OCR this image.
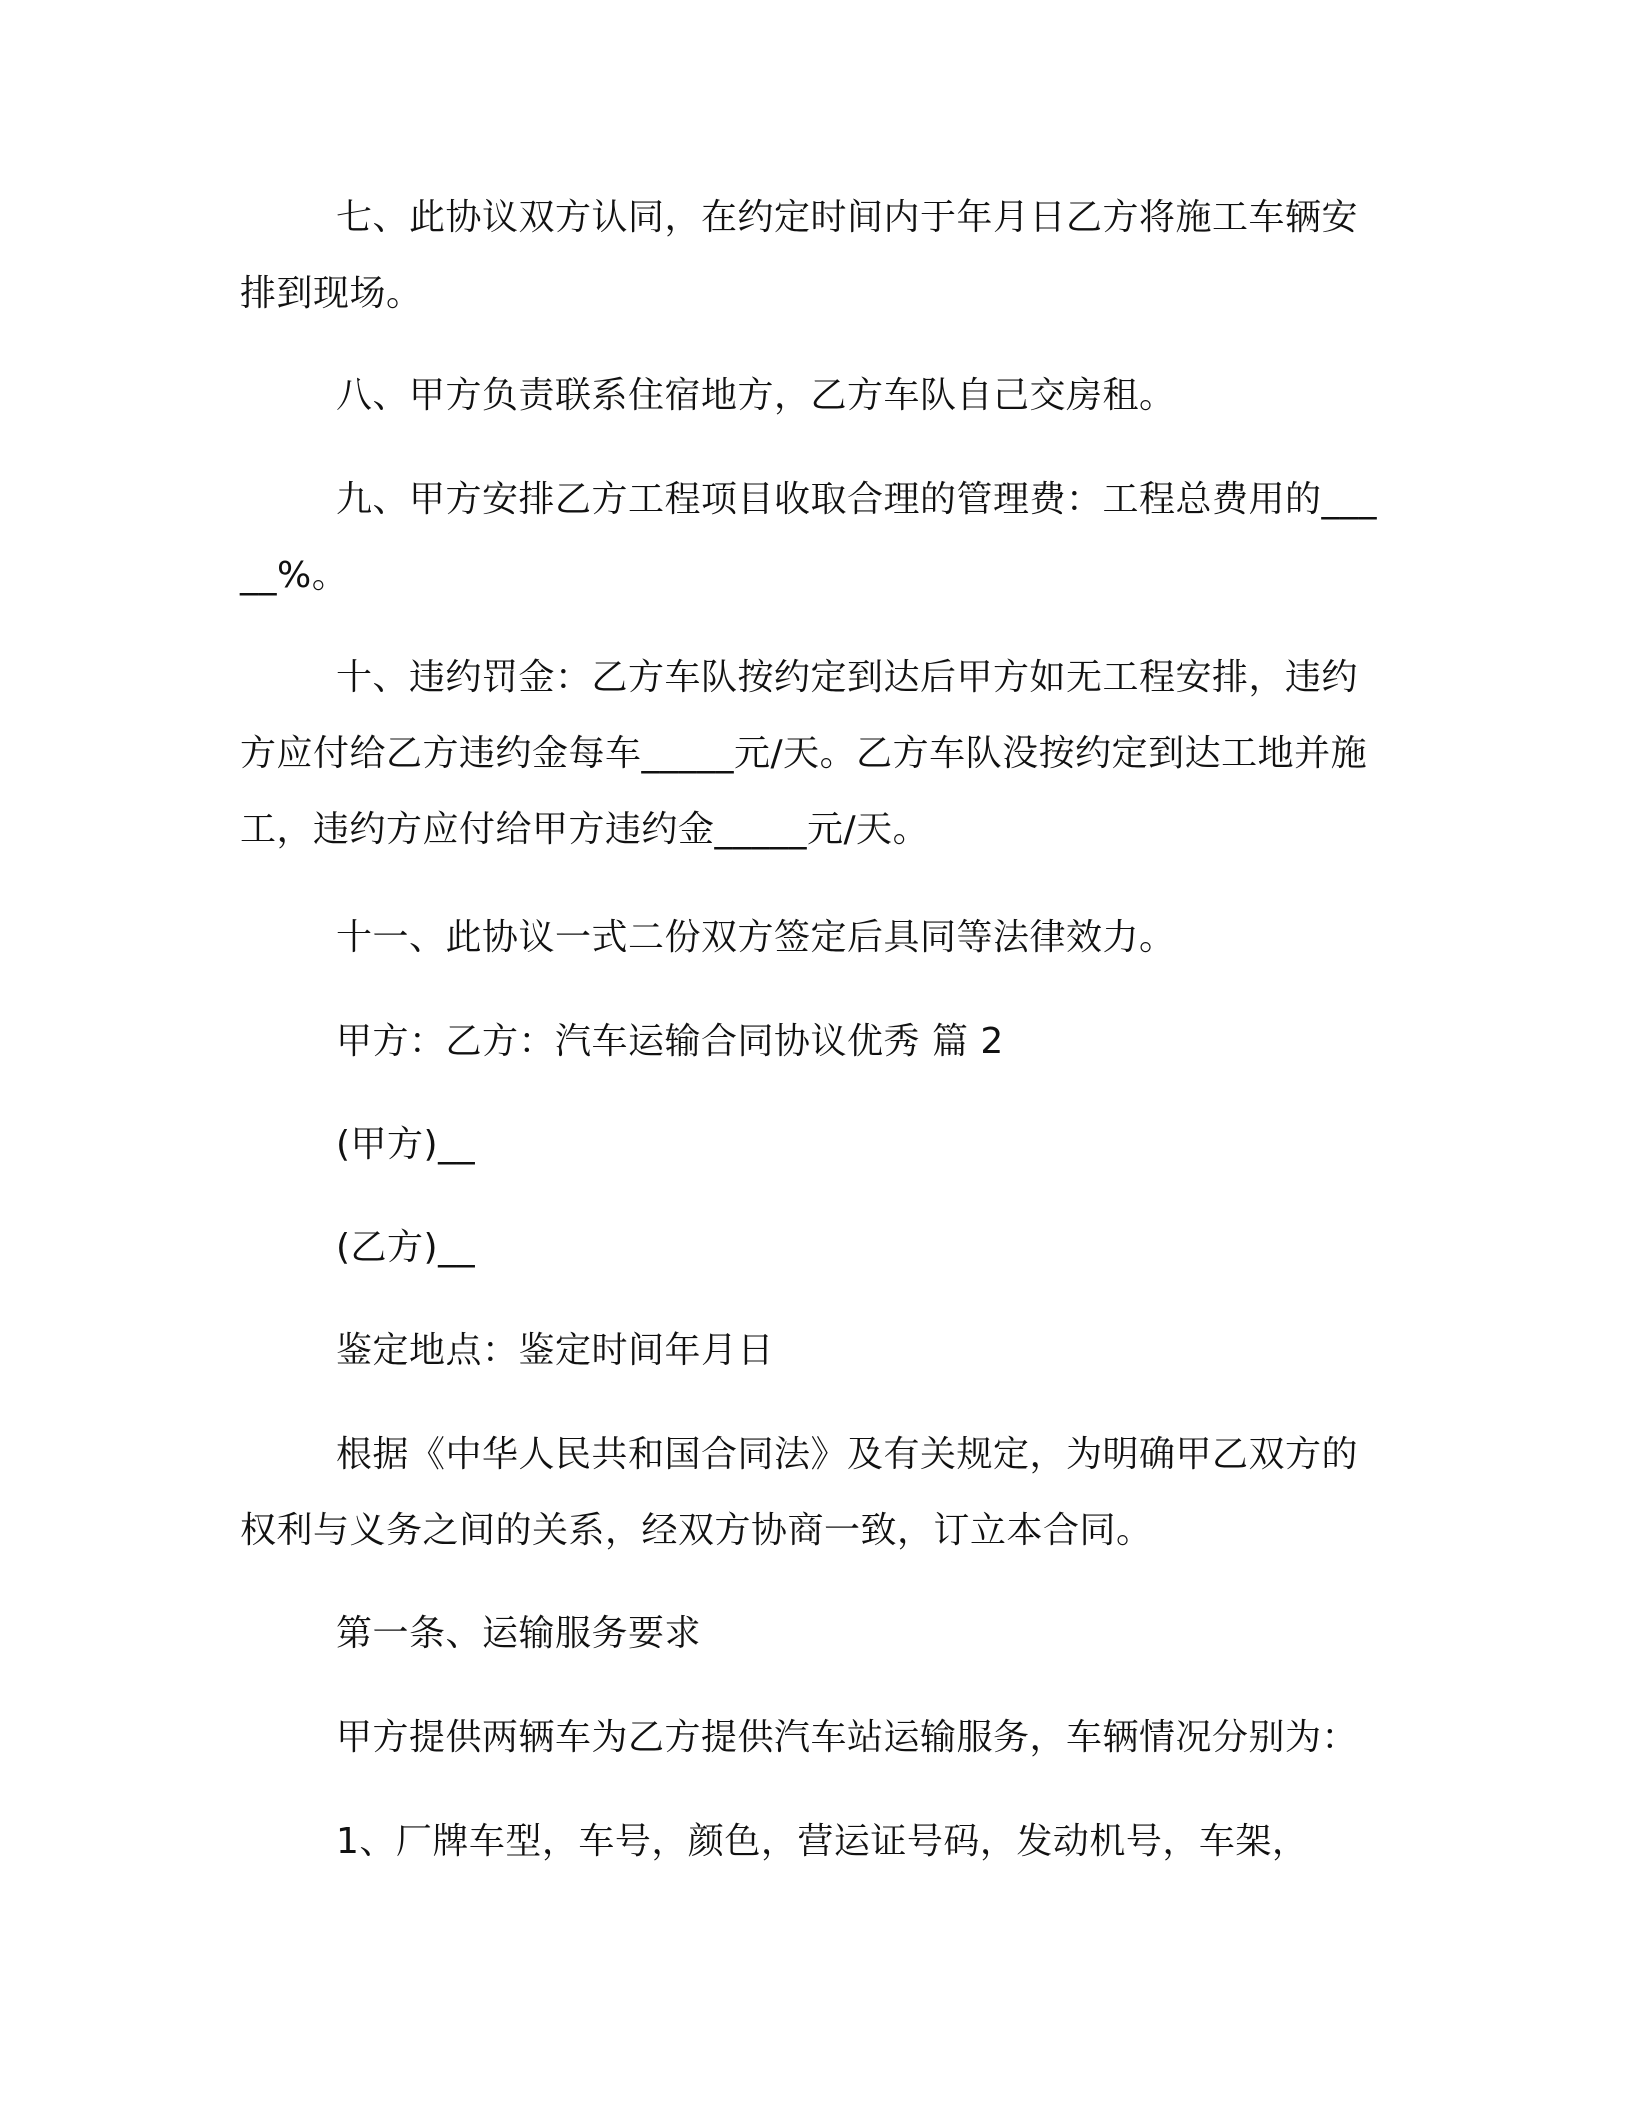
七、此协议双方认同，在约定时间内于年月日乙方将施工车辆安排到现场。

八、甲方负责联系住宿地方，乙方车队自己交房租。

九、甲方安排乙方工程项目收取合理的管理费：工程总费用的_____%。

十、违约罚金：乙方车队按约定到达后甲方如无工程安排，违约方应付给乙方违约金每车_____元/天。乙方车队没按约定到达工地并施工，违约方应付给甲方违约金_____元/天。

十一、此协议一式二份双方签定后具同等法律效力。

甲方：乙方：汽车运输合同协议优秀 篇 2

(甲方)__

(乙方)__

鉴定地点：鉴定时间年月日

根据《中华人民共和国合同法》及有关规定，为明确甲乙双方的权利与义务之间的关系，经双方协商一致，订立本合同。

第一条、运输服务要求

甲方提供两辆车为乙方提供汽车站运输服务，车辆情况分别为：

1、厂牌车型，车号，颜色，营运证号码，发动机号，车架，
